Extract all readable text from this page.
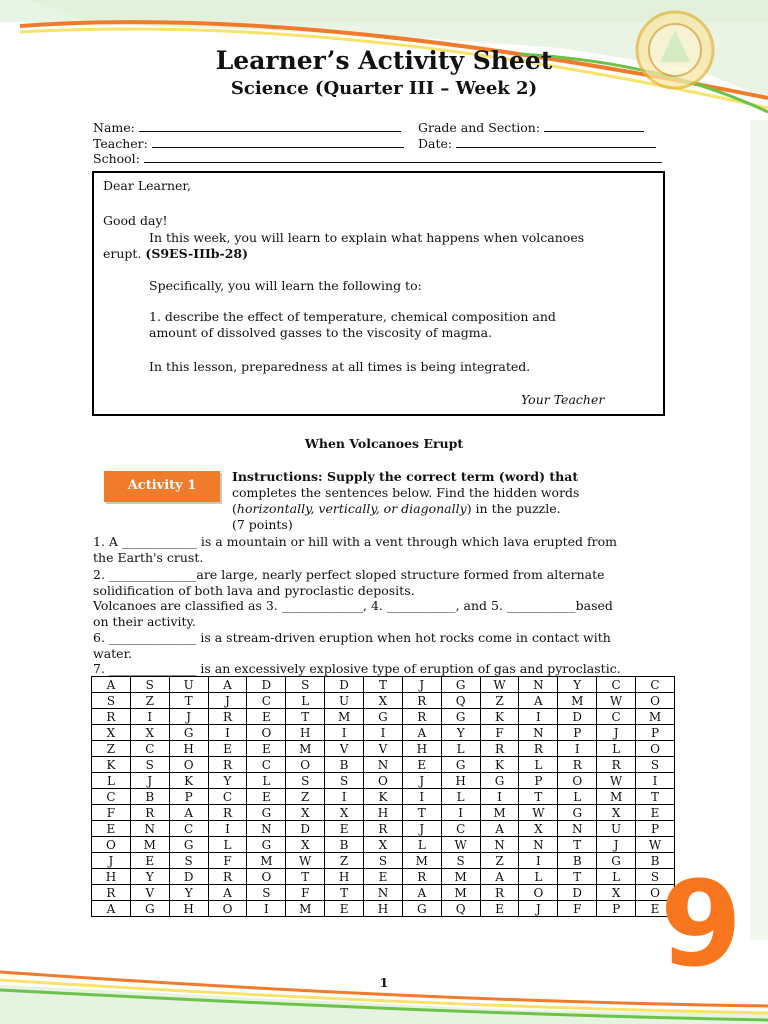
Learner’s Activity Sheet
Science (Quarter III – Week 2)
Name:	Grade and Section:
Teacher:	Date:
School:
Dear Learner,
Good day!
In this week, you will learn to explain what happens when volcanoes
erupt. (S9ES-IIIb-28)
Specifically, you will learn the following to:
1. describe the effect of temperature, chemical composition and
amount of dissolved gasses to the viscosity of magma.
In this lesson, preparedness at all times is being integrated.
Your Teacher
When Volcanoes Erupt
Activity 1
Instructions: Supply the correct term (word) that
completes the sentences below. Find the hidden words
(horizontally, vertically, or diagonally) in the puzzle.
(7 points)
1. A ____________ is a mountain or hill with a vent through which lava erupted from
the Earth's crust.
2. ______________are large, nearly perfect sloped structure formed from alternate
solidification of both lava and pyroclastic deposits.
Volcanoes are classified as 3. _____________, 4. ___________, and 5. ___________based
on their activity.
6. ______________ is a stream-driven eruption when hot rocks come in contact with
water.
7. ______________ is an excessively explosive type of eruption of gas and pyroclastic.
A	S	U	A	D	S	D	T	J	G	W	N	Y	C	C
S	Z	T	J	C	L	U	X	R	Q	Z	A	M	W	O
R	I	J	R	E	T	M	G	R	G	K	I	D	C	M
X	X	G	I	O	H	I	I	A	Y	F	N	P	J	P
Z	C	H	E	E	M	V	V	H	L	R	R	I	L	O
K	S	O	R	C	O	B	N	E	G	K	L	R	R	S
L	J	K	Y	L	S	S	O	J	H	G	P	O	W	I
C	B	P	C	E	Z	I	K	I	L	I	T	L	M	T
F	R	A	R	G	X	X	H	T	I	M	W	G	X	E
E	N	C	I	N	D	E	R	J	C	A	X	N	U	P
O	M	G	L	G	X	B	X	L	W	N	N	T	J	W
J	E	S	F	M	W	Z	S	M	S	Z	I	B	G	B
H	Y	D	R	O	T	H	E	R	M	A	L	T	L	S
R	V	Y	A	S	F	T	N	A	M	R	O	D	X	O
A	G	H	O	I	M	E	H	G	Q	E	J	F	P	E
1	9
